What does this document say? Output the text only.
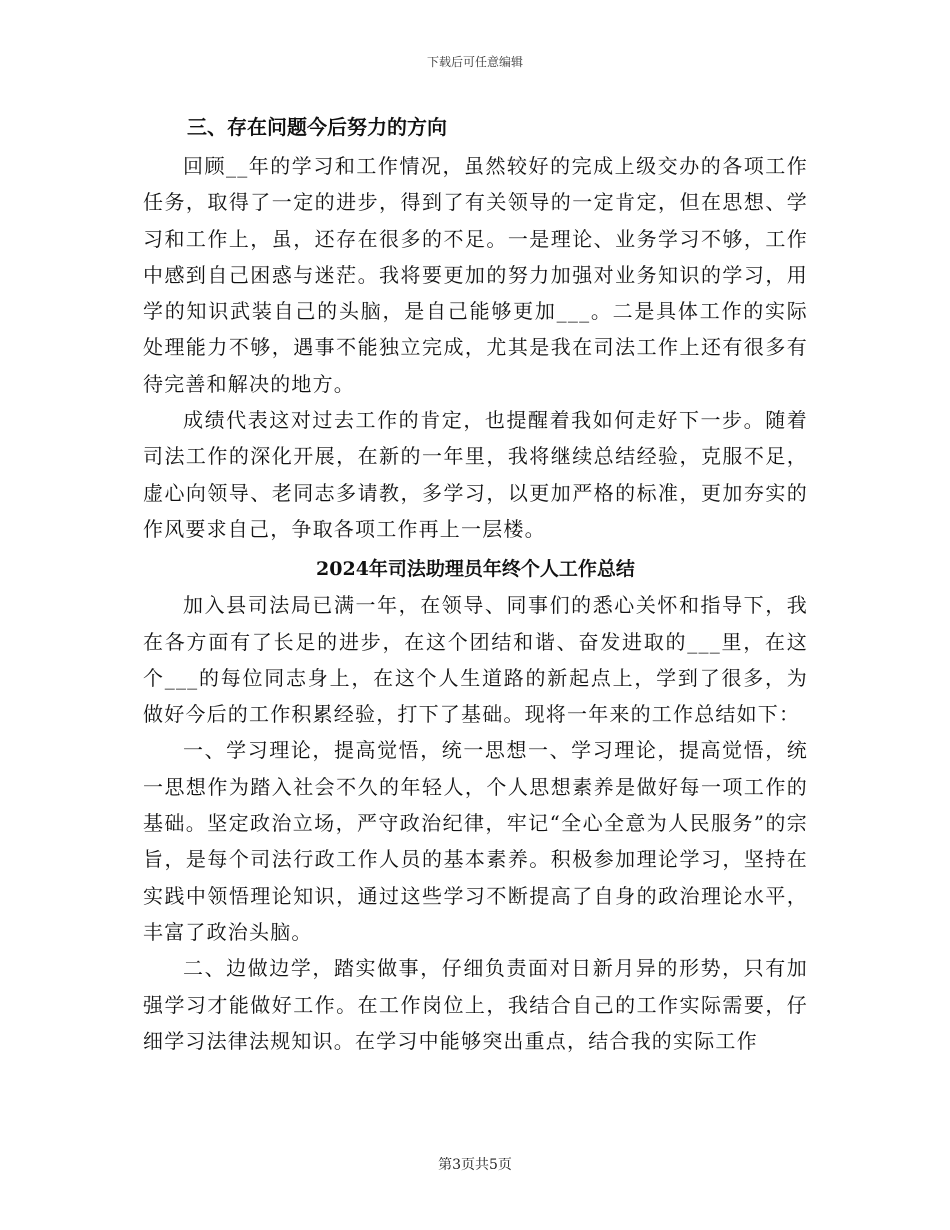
下载后可任意编辑
三、存在问题今后努力的方向

回顾__年的学习和工作情况，虽然较好的完成上级交办的各项工作任务，取得了一定的进步，得到了有关领导的一定肯定，但在思想、学习和工作上，虽，还存在很多的不足。一是理论、业务学习不够，工作中感到自己困惑与迷茫。我将要更加的努力加强对业务知识的学习，用学的知识武装自己的头脑，是自己能够更加___。二是具体工作的实际处理能力不够，遇事不能独立完成，尤其是我在司法工作上还有很多有待完善和解决的地方。

成绩代表这对过去工作的肯定，也提醒着我如何走好下一步。随着司法工作的深化开展，在新的一年里，我将继续总结经验，克服不足，虚心向领导、老同志多请教，多学习，以更加严格的标准，更加夯实的作风要求自己，争取各项工作再上一层楼。

2024年司法助理员年终个人工作总结

加入县司法局已满一年，在领导、同事们的悉心关怀和指导下，我在各方面有了长足的进步，在这个团结和谐、奋发进取的___里，在这个___的每位同志身上，在这个人生道路的新起点上，学到了很多，为做好今后的工作积累经验，打下了基础。现将一年来的工作总结如下：

一、学习理论，提高觉悟，统一思想一、学习理论，提高觉悟，统一思想作为踏入社会不久的年轻人，个人思想素养是做好每一项工作的基础。坚定政治立场，严守政治纪律，牢记“全心全意为人民服务”的宗旨，是每个司法行政工作人员的基本素养。积极参加理论学习，坚持在实践中领悟理论知识，通过这些学习不断提高了自身的政治理论水平，丰富了政治头脑。

二、边做边学，踏实做事，仔细负责面对日新月异的形势，只有加强学习才能做好工作。在工作岗位上，我结合自己的工作实际需要，仔细学习法律法规知识。在学习中能够突出重点，结合我的实际工作

第3页共5页
